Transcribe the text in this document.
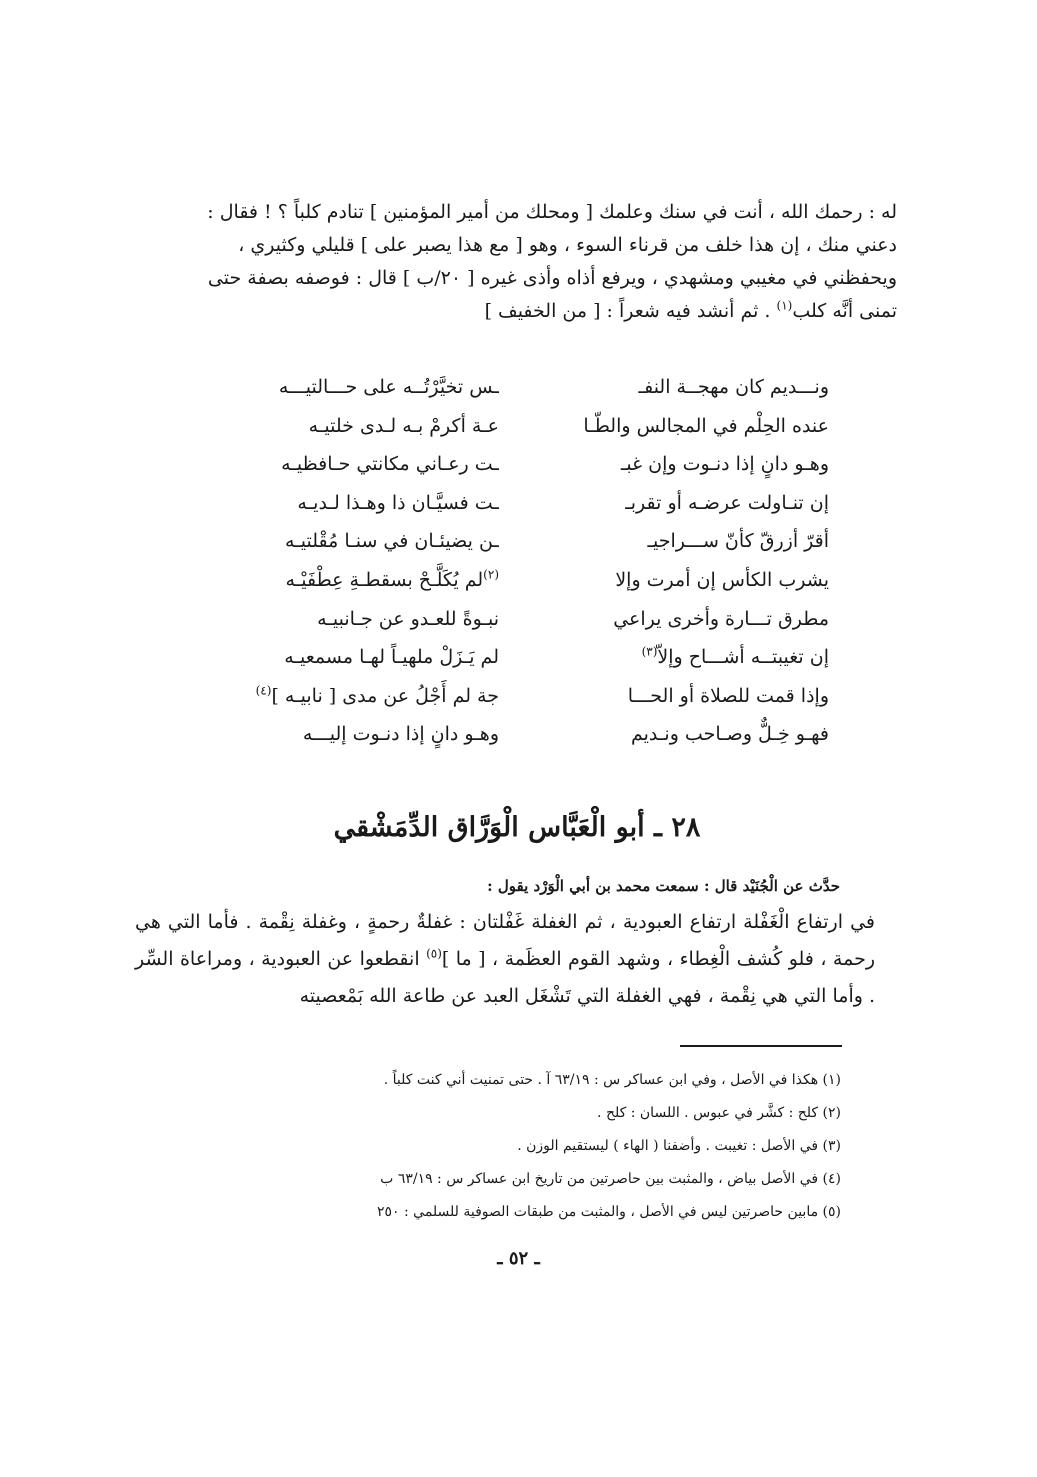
له : رحمك الله ، أنت في سنك وعلمك [ ومحلك من أمير المؤمنين ] تنادم كلباً ؟ ! فقال :

دعني منك ، إن هذا خلف من قرناء السوء ، وهو [ مع هذا يصبر على ] قليلي وكثيري ،

ويحفظني في مغيبي ومشهدي ، ويرفع أذاه وأذى غيره [ ٢٠/ب ] قال : فوصفه بصفة حتى

تمنى أنَّه كلب$^{(١)}$ . ثم أنشد فيه شعراً : [ من الخفيف ]

ونـــديم كان مهجــة النفـ
ـس تخيَّرْتُــه على حـــالتيـــه
عنده الحِلْم في المجالس والطّـا
عـة أكرمْ بـه لـدى خلتيـه
وهـو دانٍ إذا دنـوت وإن غبـ
ـت رعـاني مكانتي حـافظيـه
إن تنـاولت عرضـه أو تقربـ
ـت فسيَّـان ذا وهـذا لـديـه
أقرّ أزرقّ كأنّ ســـراجيـ
ـن يضيئـان في سنـا مُقْلتيـه
يشرب الكأس إن أمرت وإلا
$^{(٢)}$لم يُكَلَّـحْ بسقطـةِ عِطْفَيْـه
مطرق تـــارة وأخرى يراعي
نبـوةً للعـدو عن جـانبيـه
إن تغيبتــه أشـــاح وإلاّ$^{(٣)}$
لم يَـزَلْ ملهيـاً لهـا مسمعيـه
وإذا قمت للصلاة أو الحـــا
جة لم أَجْلُ عن مدى [ نابيـه ]$^{(٤)}$
فهـو خِـلٌّ وصـاحب ونـديم
وهـو دانٍ إذا دنـوت إليـــه
٢٨ ـ أبو الْعَبَّاس الْوَرَّاق الدِّمَشْقي
حدَّث عن الْجُنَيْد قال : سمعت محمد بن أبي الْوَرْد يقول :
في ارتفاع الْغَفْلة ارتفاع العبودية ، ثم الغفلة غَفْلتان : غفلةٌ رحمةٍ ، وغفلة نِقْمة . فأما التي هي رحمة ، فلو كُشف الْغِطاء ، وشهد القوم العظَمة ، [ ما ]$^{(٥)}$ انقطعوا عن العبودية ، ومراعاة السِّر . وأما التي هي نِقْمة ، فهي الغفلة التي تَشْغَل العبد عن طاعة الله بَمْعصيته
(١) هكذا في الأصل ، وفي ابن عساكر س : ٦٣/١٩ آ . حتى تمنيت أني كنت كلباً .
(٢) كلح : كشَّر في عبوس . اللسان : كلح .
(٣) في الأصل : تغيبت . وأضفنا ( الهاء ) ليستقيم الوزن .
(٤) في الأصل بياض ، والمثبت بين حاصرتين من تاريخ ابن عساكر س : ٦٣/١٩ ب
(٥) مابين حاصرتين ليس في الأصل ، والمثبت من طبقات الصوفية للسلمي : ٢٥٠
ـ ٥٢ ـ
